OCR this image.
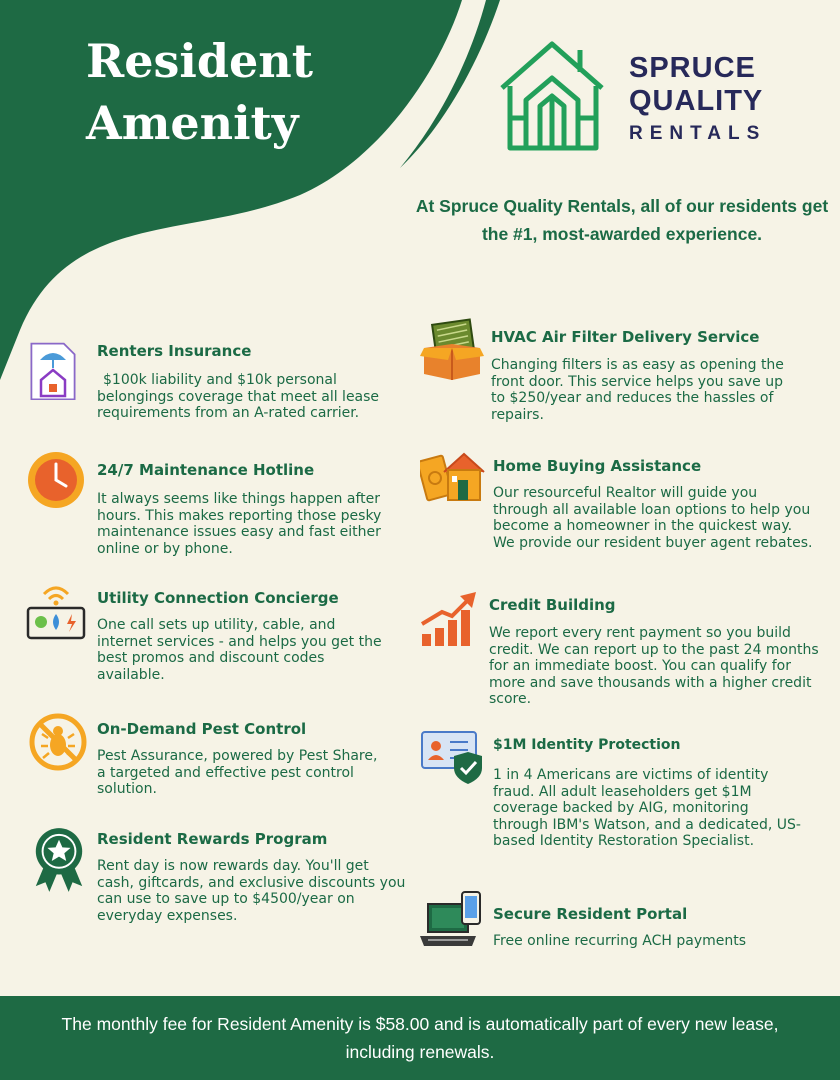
Resident
Amenity
SPRUCE
QUALITY
RENTALS
At Spruce Quality Rentals, all of our residents get the #1, most-awarded experience.
Renters Insurance

$100k liability and $10k personal belongings coverage that meet all lease requirements from an A-rated carrier.

24/7 Maintenance Hotline

It always seems like things happen after hours. This makes reporting those pesky maintenance issues easy and fast either online or by phone.

Utility Connection Concierge

One call sets up utility, cable, and internet services - and helps you get the best promos and discount codes available.

On-Demand Pest Control

Pest Assurance, powered by Pest Share, a targeted and effective pest control solution.

Resident Rewards Program

Rent day is now rewards day. You'll get cash, giftcards, and exclusive discounts you can use to save up to $4500/year on everyday expenses.

HVAC Air Filter Delivery Service

Changing filters is as easy as opening the front door. This service helps you save up to $250/year and reduces the hassles of repairs.

Home Buying Assistance

Our resourceful Realtor will guide you through all available loan options to help you become a homeowner in the quickest way. We provide our resident buyer agent rebates.

Credit Building

We report every rent payment so you build credit. We can report up to the past 24 months for an immediate boost. You can qualify for more and save thousands with a higher credit score.

$1M Identity Protection

1 in 4 Americans are victims of identity fraud. All adult leaseholders get $1M coverage backed by AIG, monitoring through IBM's Watson, and a dedicated, US-based Identity Restoration Specialist.

Secure Resident Portal

Free online recurring ACH payments

The monthly fee for Resident Amenity is $58.00 and is automatically part of every new lease, including renewals.
